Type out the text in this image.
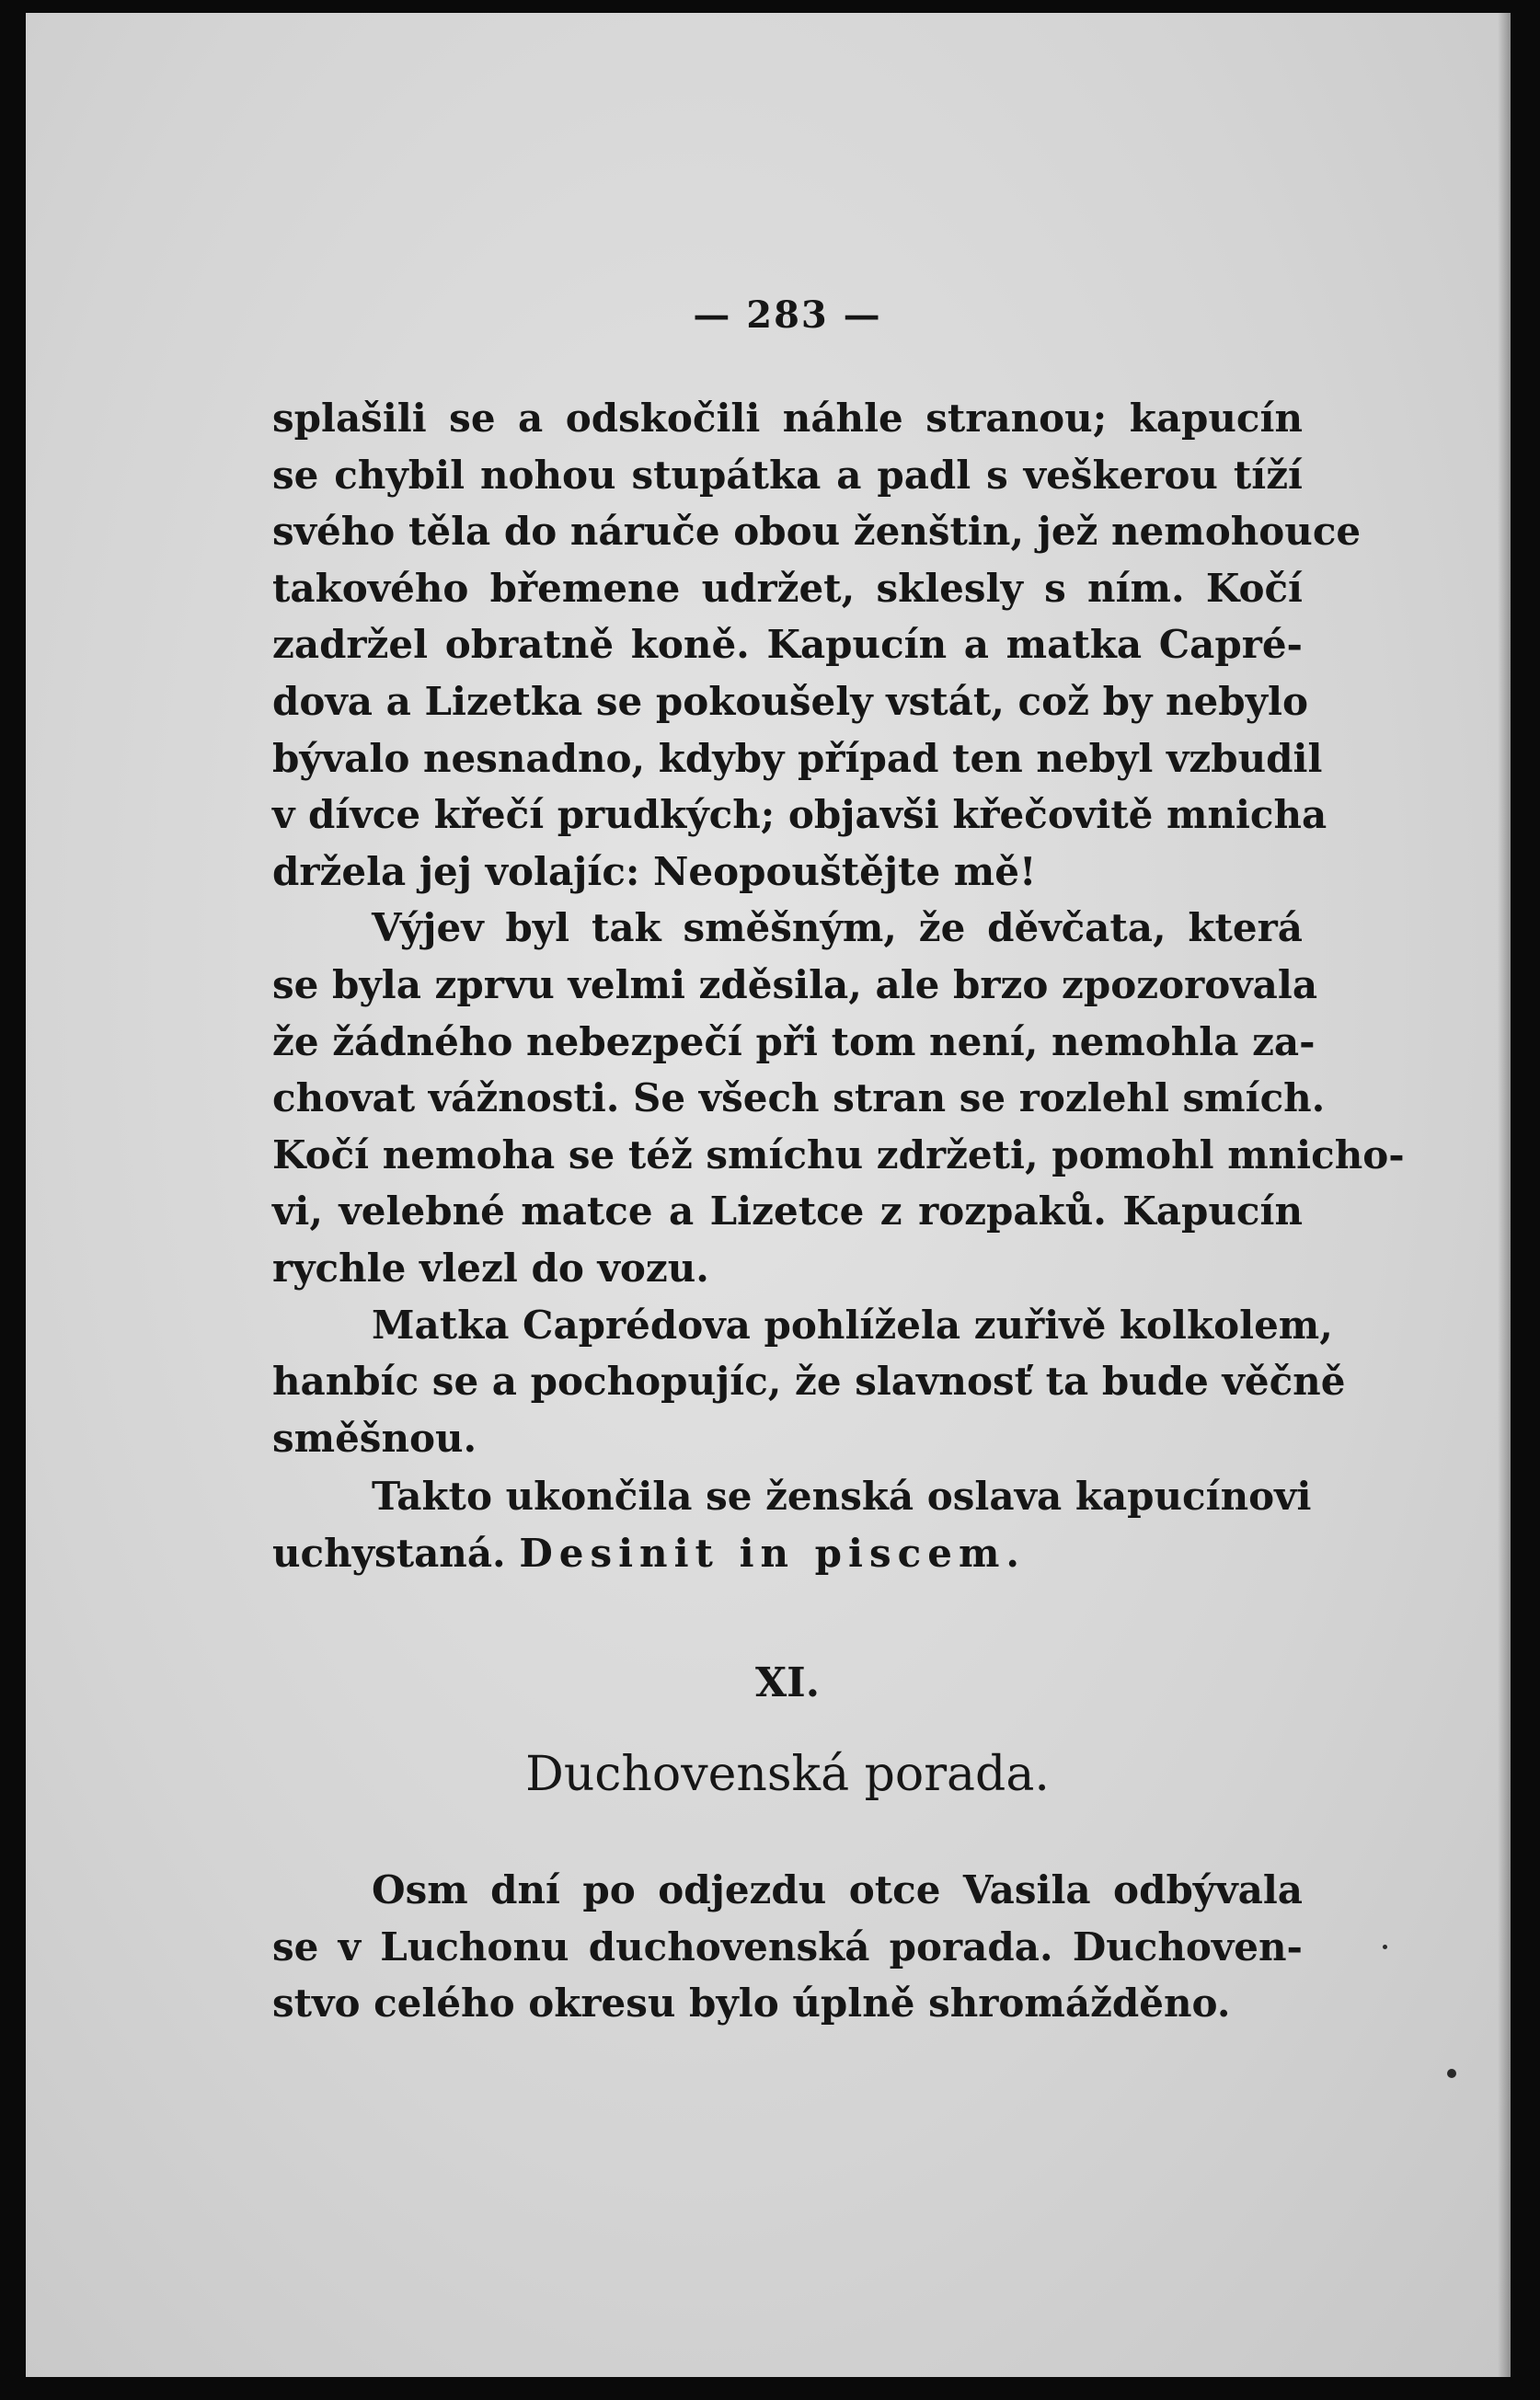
— 283 —
splašili se a odskočili náhle stranou; kapucín
se chybil nohou stupátka a padl s veškerou tíží
svého těla do náruče obou ženštin, jež nemohouce
takového břemene udržet, sklesly s ním. Kočí
zadržel obratně koně. Kapucín a matka Capré-
dova a Lizetka se pokoušely vstát, což by nebylo
bývalo nesnadno, kdyby případ ten nebyl vzbudil
v dívce křečí prudkých; objavši křečovitě mnicha
držela jej volajíc: Neopouštějte mě!
Výjev byl tak směšným, že děvčata, která
se byla zprvu velmi zděsila, ale brzo zpozorovala
že žádného nebezpečí při tom není, nemohla za-
chovat vážnosti. Se všech stran se rozlehl smích.
Kočí nemoha se též smíchu zdržeti, pomohl mnicho-
vi, velebné matce a Lizetce z rozpaků. Kapucín
rychle vlezl do vozu.
Matka Caprédova pohlížela zuřivě kolkolem,
hanbíc se a pochopujíc, že slavnosť ta bude věčně
směšnou.
Takto ukončila se ženská oslava kapucínovi
uchystaná. Desinit in piscem.
XI.
Duchovenská porada.
Osm dní po odjezdu otce Vasila odbývala
se v Luchonu duchovenská porada. Duchoven-
stvo celého okresu bylo úplně shromážděno.
